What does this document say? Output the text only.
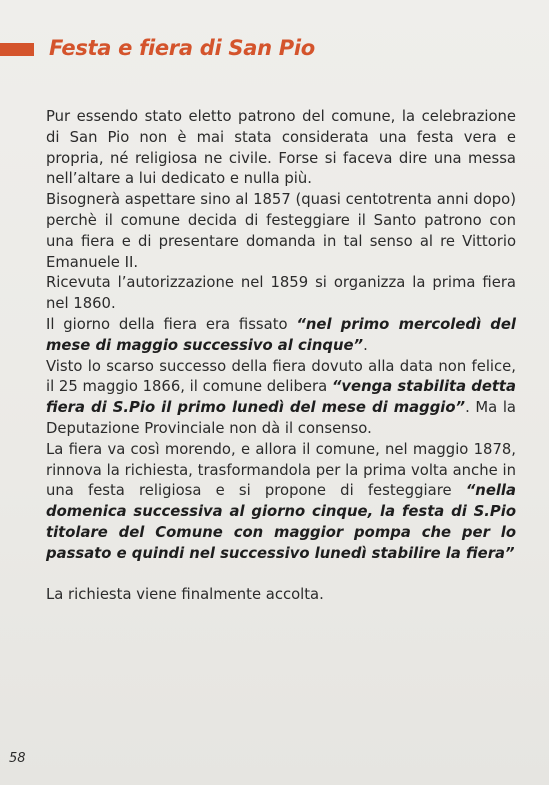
Festa e fiera di San Pio

Pur essendo stato eletto patrono del comune, la celebrazione di San Pio non è mai stata considerata una festa vera e propria, né religiosa ne civile. Forse si faceva dire una messa nell’altare a lui dedicato e nulla più.

Bisognerà aspettare sino al 1857 (quasi centotrenta anni dopo) perchè il comune decida di festeggiare il Santo patrono con una fiera e di presentare domanda in tal senso al re Vittorio Emanuele II.

Ricevuta l’autorizzazione nel 1859 si organizza la prima fiera nel 1860.

Il giorno della fiera era fissato “nel primo mercoledì del mese di maggio successivo al cinque”.

Visto lo scarso successo della fiera dovuto alla data non felice, il 25 maggio 1866, il comune delibera “venga stabilita detta fiera di S.Pio il primo lunedì del mese di maggio”. Ma la Deputazione Provinciale non dà il consenso.

La fiera va così morendo, e allora il comune, nel maggio 1878, rinnova la richiesta, trasformandola per la prima volta anche in una festa religiosa e si propone di festeggiare “nella domenica successiva al giorno cinque, la festa di S.Pio titolare del Comune con maggior pompa che per lo passato e quindi nel successivo lunedì stabilire la fiera”

La richiesta viene finalmente accolta.

58
